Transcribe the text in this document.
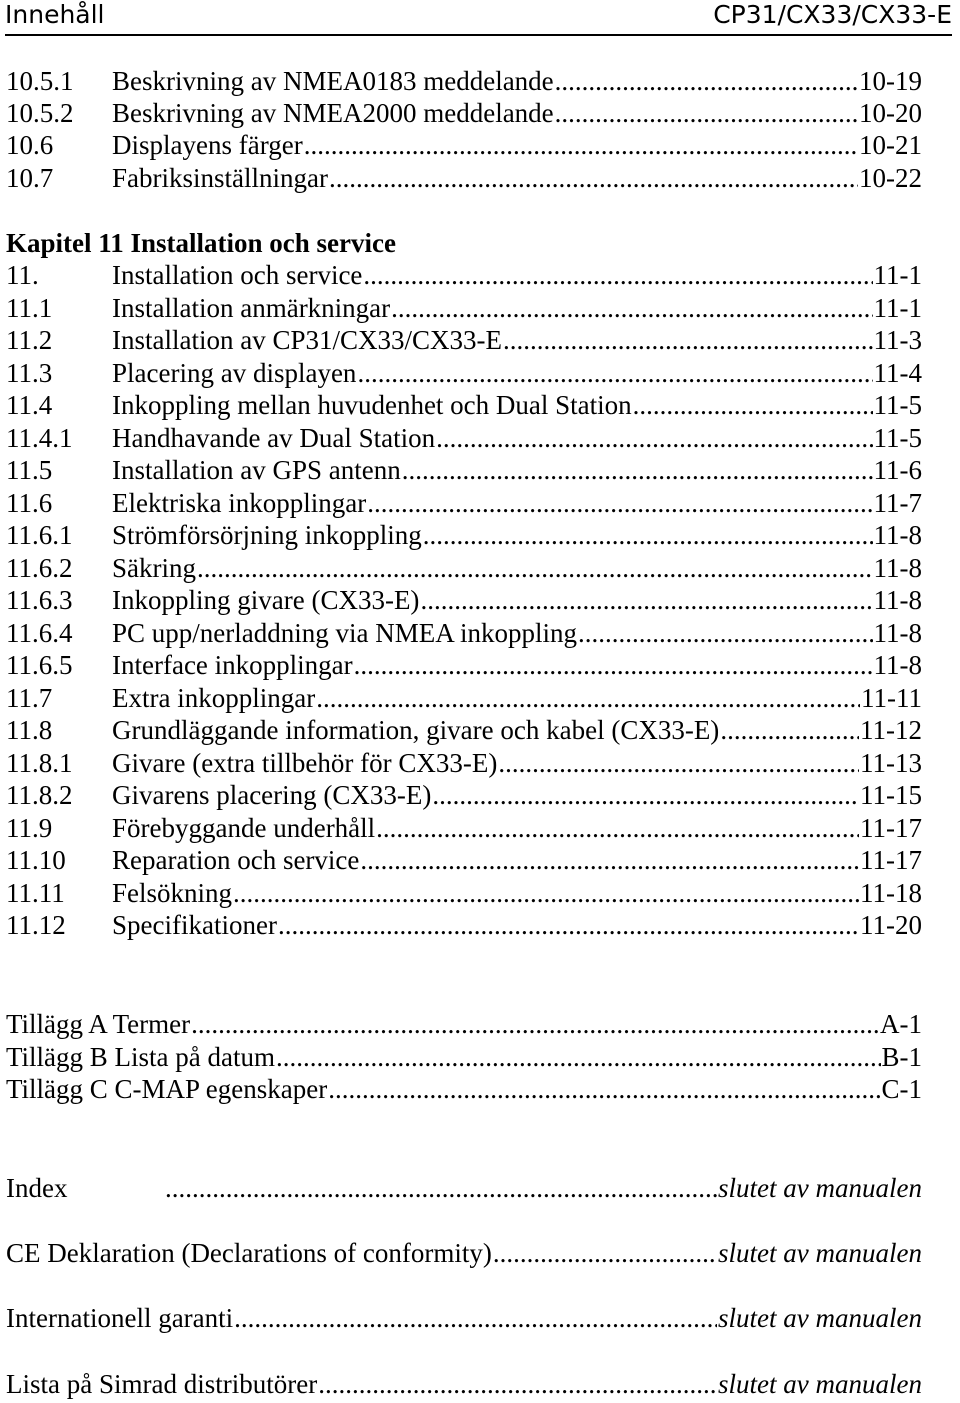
Innehåll	CP31/CX33/CX33-E
10.5.1	Beskrivning av NMEA0183 meddelande .....	10-19
10.5.2	Beskrivning av NMEA2000 meddelande .....	10-20
10.6	Displayens färger .....	10-21
10.7	Fabriksinställningar .....	10-22
Kapitel 11 Installation och service
11.	Installation och service .....	11-1
11.1	Installation anmärkningar .....	11-1
11.2	Installation av CP31/CX33/CX33-E .....	11-3
11.3	Placering av displayen .....	11-4
11.4	Inkoppling mellan huvudenhet och Dual Station .....	11-5
11.4.1	Handhavande av Dual Station .....	11-5
11.5	Installation av GPS antenn .....	11-6
11.6	Elektriska inkopplingar .....	11-7
11.6.1	Strömförsörjning inkoppling .....	11-8
11.6.2	Säkring .....	11-8
11.6.3	Inkoppling givare (CX33-E) .....	11-8
11.6.4	PC upp/nerladdning via NMEA inkoppling .....	11-8
11.6.5	Interface inkopplingar .....	11-8
11.7	Extra inkopplingar .....	11-11
11.8	Grundläggande information, givare och kabel (CX33-E) .....	11-12
11.8.1	Givare (extra tillbehör för CX33-E) .....	11-13
11.8.2	Givarens placering (CX33-E) .....	11-15
11.9	Förebyggande underhåll .....	11-17
11.10	Reparation och service .....	11-17
11.11	Felsökning .....	11-18
11.12	Specifikationer .....	11-20
Tillägg A Termer .....	A-1
Tillägg B Lista på datum .....	B-1
Tillägg C C-MAP egenskaper .....	C-1
Index .....	slutet av manualen
CE Deklaration (Declarations of conformity) .....	slutet av manualen
Internationell garanti .....	slutet av manualen
Lista på Simrad distributörer .....	slutet av manualen
